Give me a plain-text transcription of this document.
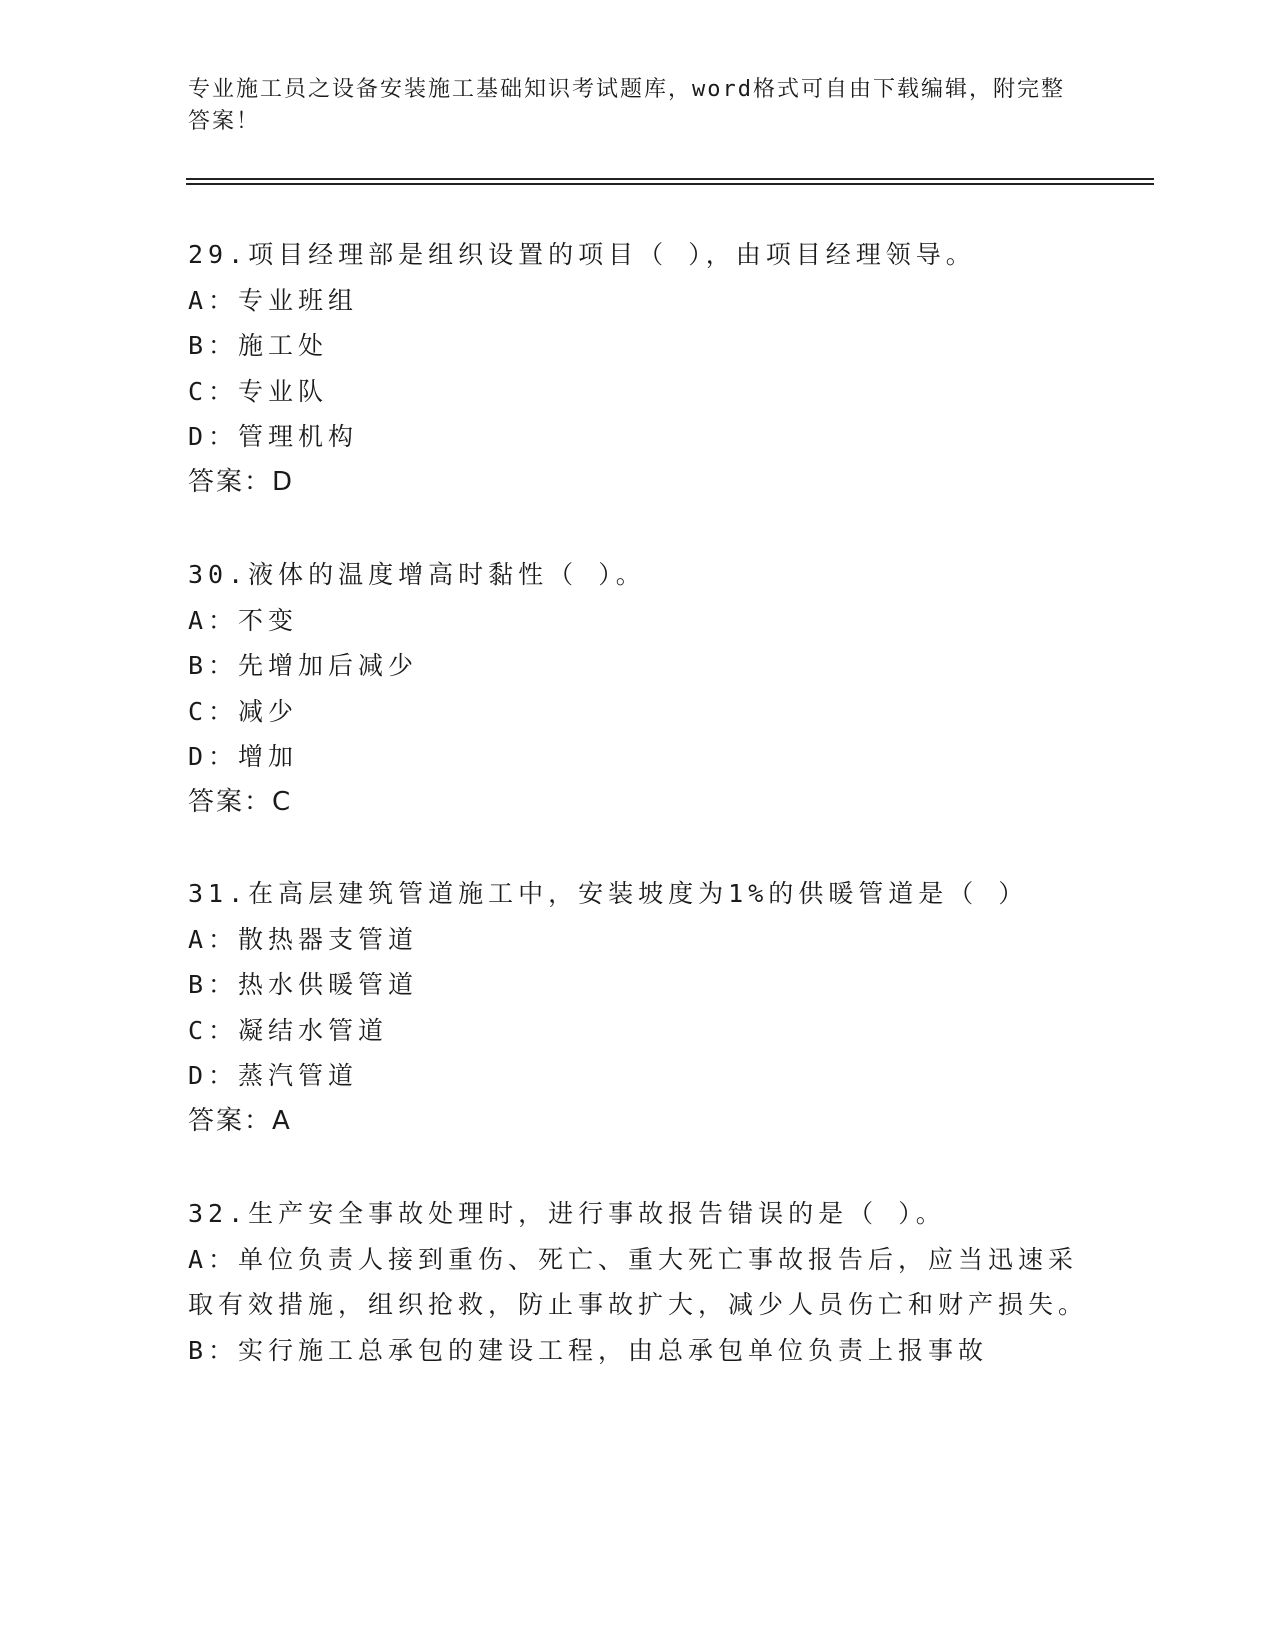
专业施工员之设备安装施工基础知识考试题库，word格式可自由下载编辑，附完整答案！
29.项目经理部是组织设置的项目（ ），由项目经理领导。
A：专业班组
B：施工处
C：专业队
D：管理机构
答案：D
30.液体的温度增高时黏性（ ）。
A：不变
B：先增加后减少
C：减少
D：增加
答案：C
31.在高层建筑管道施工中，安装坡度为1%的供暖管道是（ ）
A：散热器支管道
B：热水供暖管道
C：凝结水管道
D：蒸汽管道
答案：A
32.生产安全事故处理时，进行事故报告错误的是（ ）。
A：单位负责人接到重伤、死亡、重大死亡事故报告后，应当迅速采取有效措施，组织抢救，防止事故扩大，减少人员伤亡和财产损失。
B：实行施工总承包的建设工程，由总承包单位负责上报事故
